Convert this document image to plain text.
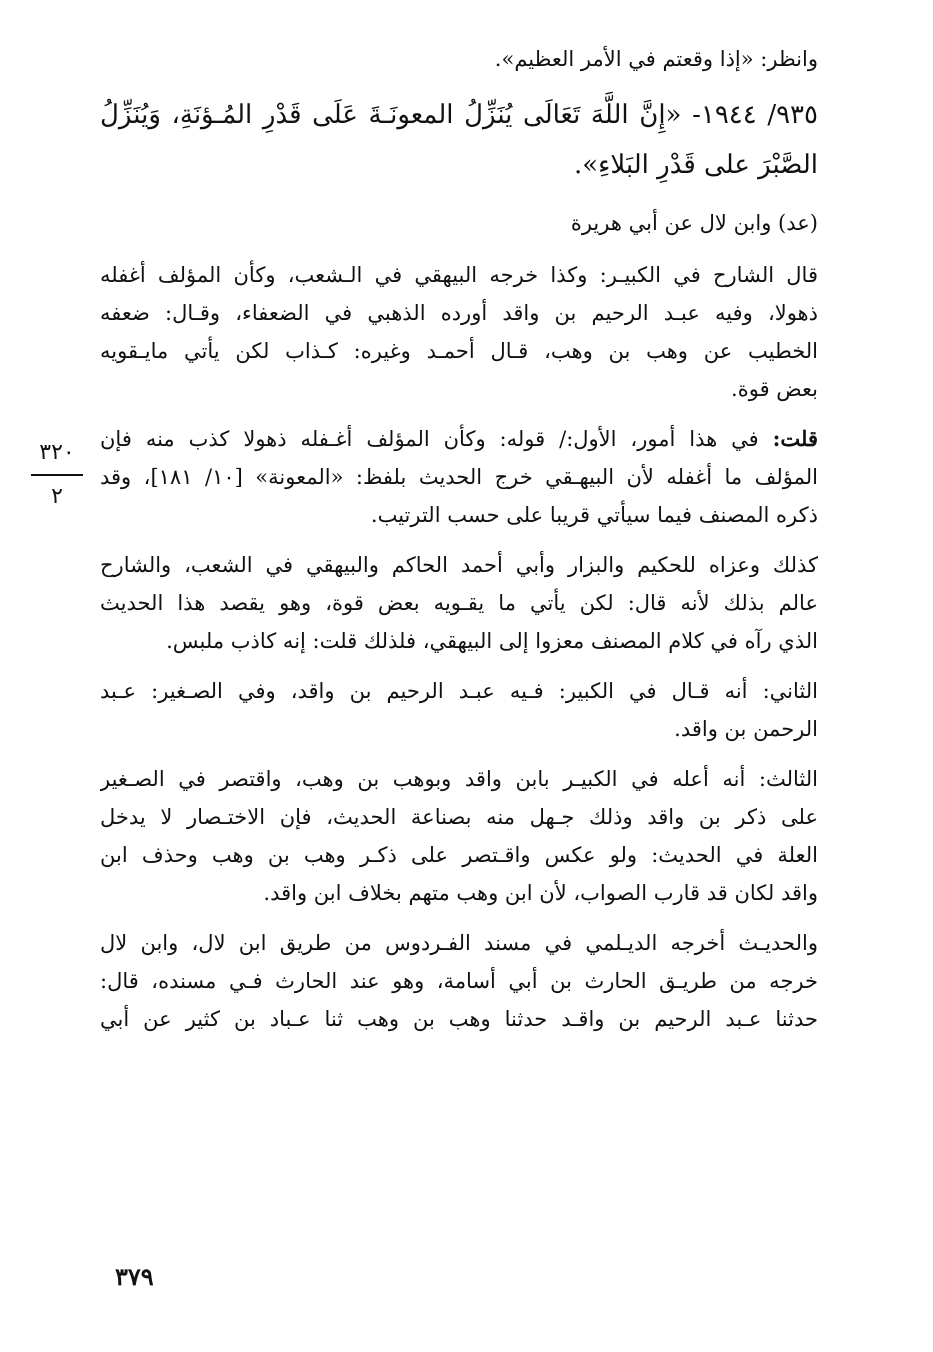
وانظر: «إذا وقعتم في الأمر العظيم».
٩٣٥/ ١٩٤٤- «إِنَّ اللَّهَ تَعَالَى يُنَزِّلُ المعونَـةَ عَلَى قَدْرِ المُـؤنَةِ، وَيُنَزِّلُ
الصَّبْرَ على قَدْرِ البَلاءِ».
(عد) وابن لال عن أبي هريرة
قال الشارح في الكبيـر: وكذا خرجه البيهقي في الـشعب، وكأن المؤلف أغفله
ذهولا، وفيه عبـد الرحيم بن واقد أورده الذهبي في الضعفاء، وقـال: ضعفه
الخطيب عن وهب بن وهب، قـال أحمـد وغيره: كـذاب لكن يأتي مايـقويه
بعض قوة.
قلت: في هذا أمور، الأول:/ قوله: وكأن المؤلف أغـفله ذهولا كذب منه فإن
المؤلف ما أغفله لأن البيهـقي خرج الحديث بلفظ: «المعونة» [١٠/ ١٨١]، وقد
ذكره المصنف فيما سيأتي قريبا على حسب الترتيب.
كذلك وعزاه للحكيم والبزار وأبي أحمد الحاكم والبيهقي في الشعب، والشارح
عالم بذلك لأنه قال: لكن يأتي ما يقـويه بعض قوة، وهو يقصد هذا الحديث
الذي رآه في كلام المصنف معزوا إلى البيهقي، فلذلك قلت: إنه كاذب ملبس.
الثاني: أنه قـال في الكبير: فـيه عبـد الرحيم بن واقد، وفي الصـغير: عـبد
الرحمن بن واقد.
الثالث: أنه أعله في الكبيـر بابن واقد وبوهب بن وهب، واقتصر في الصـغير
على ذكر بن واقد وذلك جـهل منه بصناعة الحديث، فإن الاختـصار لا يدخل
العلة في الحديث: ولو عكس واقـتصر على ذكـر وهب بن وهب وحذف ابن
واقد لكان قد قارب الصواب، لأن ابن وهب متهم بخلاف ابن واقد.
والحديـث أخرجه الديـلمي في مسند الفـردوس من طريق ابن لال، وابن لال
خرجه من طريـق الحارث بن أبي أسامة، وهو عند الحارث فـي مسنده، قال:
حدثنا عـبد الرحيم بن واقـد حدثنا وهب بن وهب ثنا عـباد بن كثير عن أبي
٣٢٠
٢
٣٧٩
